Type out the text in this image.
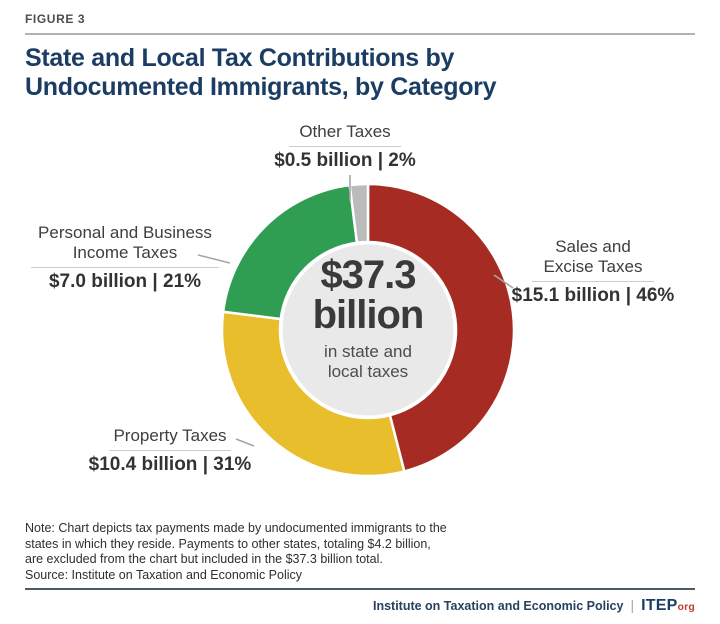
FIGURE 3
State and Local Tax Contributions by
Undocumented Immigrants, by Category
Other Taxes
$0.5 billion | 2%
Personal and Business Income Taxes
$7.0 billion | 21%
Sales and Excise Taxes
$15.1 billion | 46%
Property Taxes
$10.4 billion | 31%
$37.3
billion
in state and local taxes
Note: Chart depicts tax payments made by undocumented immigrants to the
states in which they reside. Payments to other states, totaling $4.2 billion,
are excluded from the chart but included in the $37.3 billion total.
Source: Institute on Taxation and Economic Policy
Institute on Taxation and Economic Policy | ITEPorg
